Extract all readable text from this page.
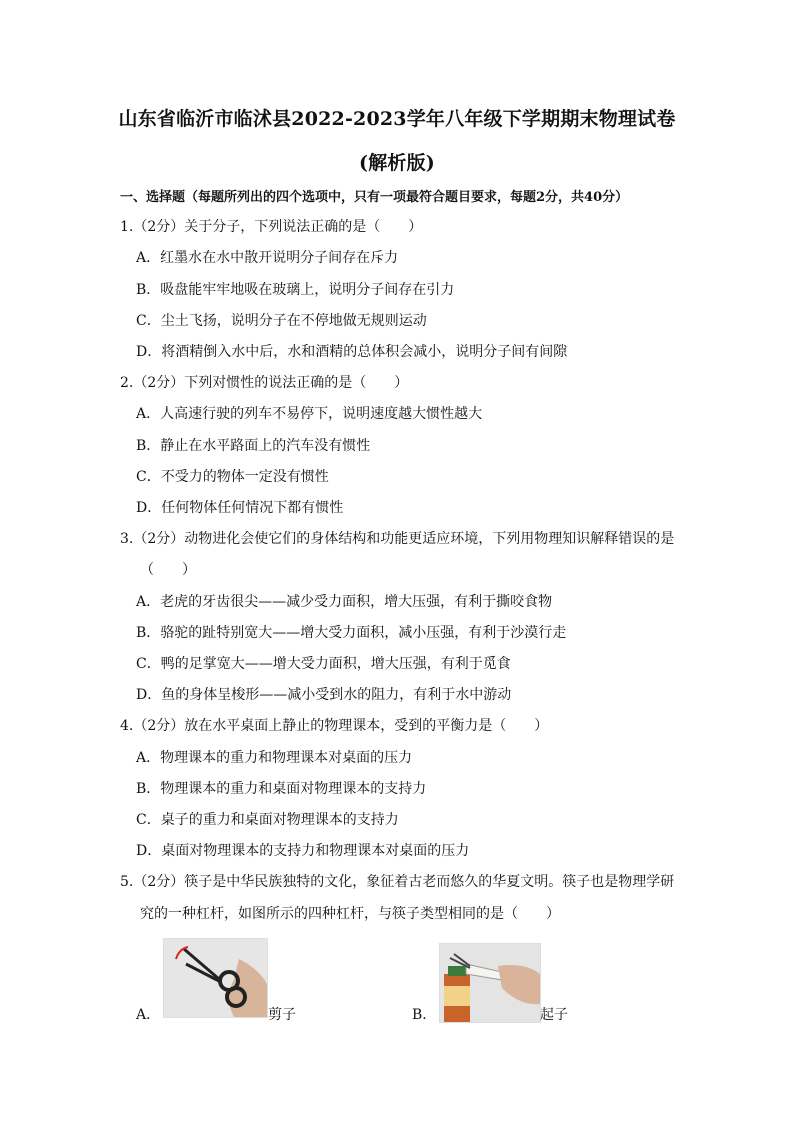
山东省临沂市临沭县2022-2023学年八年级下学期期末物理试卷
(解析版)
一、选择题（每题所列出的四个选项中，只有一项最符合题目要求，每题2分，共40分）
1.（2分）关于分子，下列说法正确的是（　　）
A．红墨水在水中散开说明分子间存在斥力
B．吸盘能牢牢地吸在玻璃上，说明分子间存在引力
C．尘土飞扬，说明分子在不停地做无规则运动
D．将酒精倒入水中后，水和酒精的总体积会减小，说明分子间有间隙
2.（2分）下列对惯性的说法正确的是（　　）
A．人高速行驶的列车不易停下，说明速度越大惯性越大
B．静止在水平路面上的汽车没有惯性
C．不受力的物体一定没有惯性
D．任何物体任何情况下都有惯性
3.（2分）动物进化会使它们的身体结构和功能更适应环境，下列用物理知识解释错误的是
（　　）
A．老虎的牙齿很尖——减少受力面积，增大压强，有利于撕咬食物
B．骆驼的趾特别宽大——增大受力面积，减小压强，有利于沙漠行走
C．鸭的足掌宽大——增大受力面积，增大压强，有利于觅食
D．鱼的身体呈梭形——减小受到水的阻力，有利于水中游动
4.（2分）放在水平桌面上静止的物理课本，受到的平衡力是（　　）
A．物理课本的重力和物理课本对桌面的压力
B．物理课本的重力和桌面对物理课本的支持力
C．桌子的重力和桌面对物理课本的支持力
D．桌面对物理课本的支持力和物理课本对桌面的压力
5.（2分）筷子是中华民族独特的文化，象征着古老而悠久的华夏文明。筷子也是物理学研
究的一种杠杆，如图所示的四种杠杆，与筷子类型相同的是（　　）
A．	剪子	B．	起子
